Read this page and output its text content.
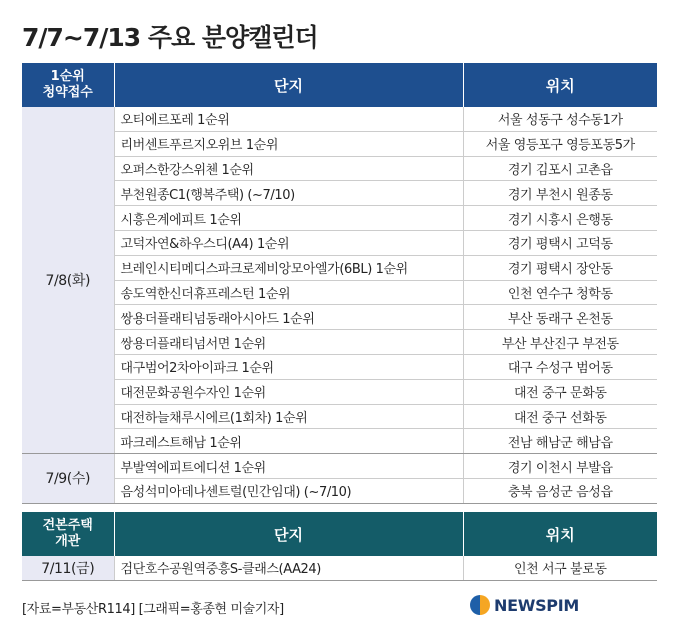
7/7~7/13 주요 분양캘린더
1순위
청약접수	단지	위치
7/8(화)	오티에르포레 1순위	서울 성동구 성수동1가
	리버센트푸르지오위브 1순위	서울 영등포구 영등포동5가
	오퍼스한강스위첸 1순위	경기 김포시 고촌읍
	부천원종C1(행복주택) (~7/10)	경기 부천시 원종동
	시흥은계에피트 1순위	경기 시흥시 은행동
	고덕자연&하우스디(A4) 1순위	경기 평택시 고덕동
	브레인시티메디스파크로제비앙모아엘가(6BL) 1순위	경기 평택시 장안동
	송도역한신더휴프레스턴 1순위	인천 연수구 청학동
	쌍용더플래티넘동래아시아드 1순위	부산 동래구 온천동
	쌍용더플래티넘서면 1순위	부산 부산진구 부전동
	대구범어2차아이파크 1순위	대구 수성구 범어동
	대전문화공원수자인 1순위	대전 중구 문화동
	대전하늘채루시에르(1회차) 1순위	대전 중구 선화동
	파크레스트해남 1순위	전남 해남군 해남읍
7/9(수)	부발역에피트에디션 1순위	경기 이천시 부발읍
	음성석미아데나센트럴(민간임대) (~7/10)	충북 음성군 음성읍
견본주택
개관	단지	위치
7/11(금)	검단호수공원역중흥S-클래스(AA24)	인천 서구 불로동
[자료=부동산R114] [그래픽=홍종현 미술기자]	NEWSPIM
